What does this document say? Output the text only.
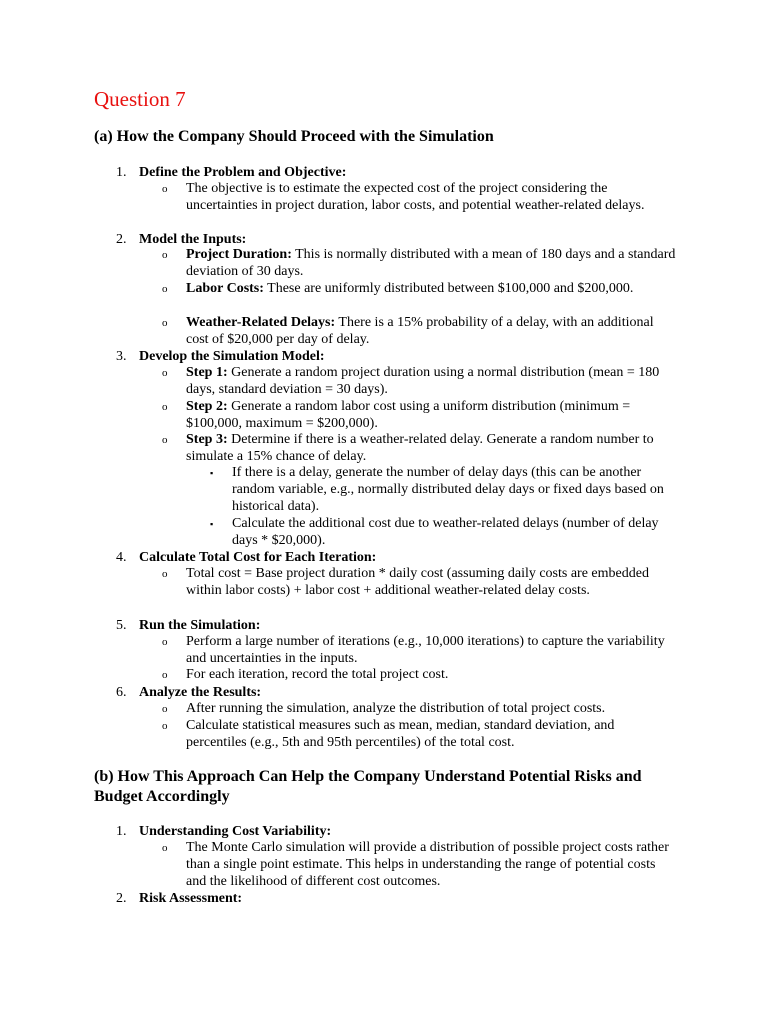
Question 7
(a) How the Company Should Proceed with the Simulation
1. Define the Problem and Objective:
o The objective is to estimate the expected cost of the project considering the uncertainties in project duration, labor costs, and potential weather-related delays.
2. Model the Inputs:
o Project Duration: This is normally distributed with a mean of 180 days and a standard deviation of 30 days.
o Labor Costs: These are uniformly distributed between $100,000 and $200,000.
o Weather-Related Delays: There is a 15% probability of a delay, with an additional cost of $20,000 per day of delay.
3. Develop the Simulation Model:
o Step 1: Generate a random project duration using a normal distribution (mean = 180 days, standard deviation = 30 days).
o Step 2: Generate a random labor cost using a uniform distribution (minimum = $100,000, maximum = $200,000).
o Step 3: Determine if there is a weather-related delay. Generate a random number to simulate a 15% chance of delay.
▪ If there is a delay, generate the number of delay days (this can be another random variable, e.g., normally distributed delay days or fixed days based on historical data).
▪ Calculate the additional cost due to weather-related delays (number of delay days * $20,000).
4. Calculate Total Cost for Each Iteration:
o Total cost = Base project duration * daily cost (assuming daily costs are embedded within labor costs) + labor cost + additional weather-related delay costs.
5. Run the Simulation:
o Perform a large number of iterations (e.g., 10,000 iterations) to capture the variability and uncertainties in the inputs.
o For each iteration, record the total project cost.
6. Analyze the Results:
o After running the simulation, analyze the distribution of total project costs.
o Calculate statistical measures such as mean, median, standard deviation, and percentiles (e.g., 5th and 95th percentiles) of the total cost.
(b) How This Approach Can Help the Company Understand Potential Risks and Budget Accordingly
1. Understanding Cost Variability:
o The Monte Carlo simulation will provide a distribution of possible project costs rather than a single point estimate. This helps in understanding the range of potential costs and the likelihood of different cost outcomes.
2. Risk Assessment:
